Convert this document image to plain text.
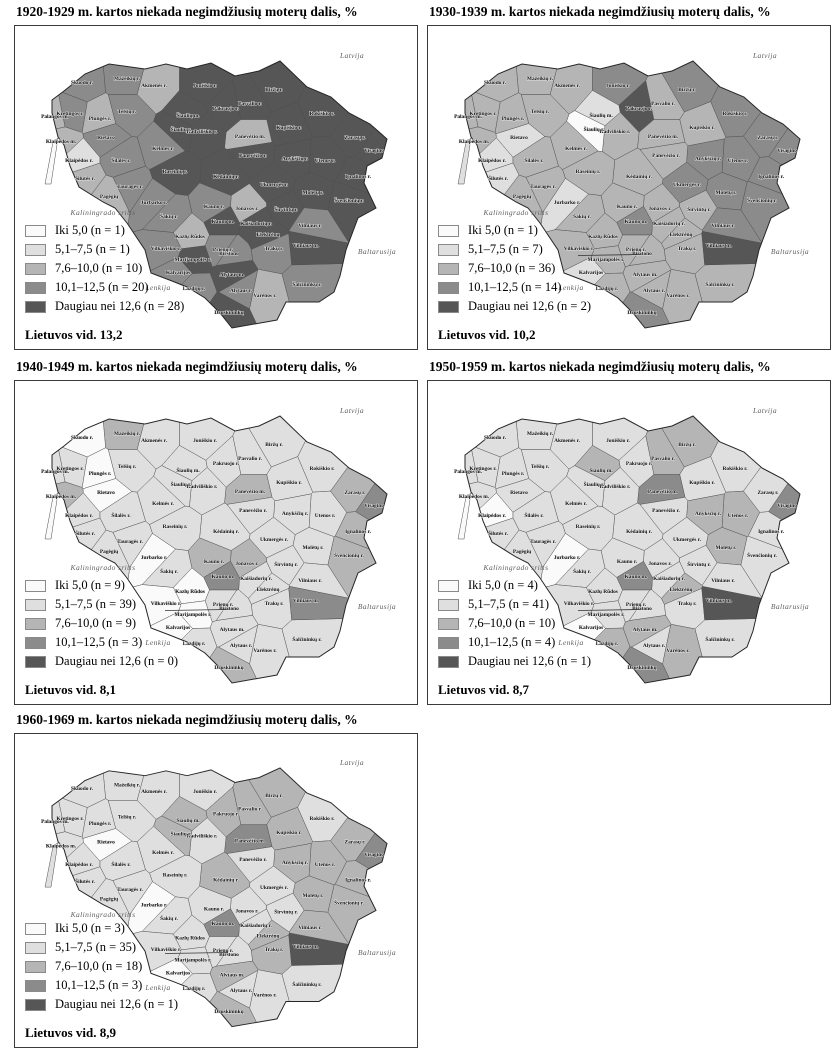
1920-1929 m. kartos niekada negimdžiusių moterų dalis, %
Latvija
Baltarusija
Lenkija
Kaliningrado sritis
Akmenės r.
Alytaus m.
Alytaus r.
Anykščių r.
Birštono
Biržų r.
Druskininkų
Elektrėnų
Ignalinos r.
Jonavos r.
Joniškio r.
Jurbarko r.
Kaišiadorių r.
Kalvarijos
Kauno m.
Kauno r.
Kazlų Rūdos
Kėdainių r.
Kelmės r.
Klaipėdos m.
Klaipėdos r.
Kretingos r.
Kupiškio r.
Lazdijų r.
Marijampolės r.
Mažeikių r.
Molėtų r.
Pagėgių
Pakruojo r.
Palangos m.
Panevėžio m.
Panevėžio r.
Pasvalio r.
Plungės r.
Prienų r.
Radviliškio r.
Raseinių r.
Rietavo
Rokiškio r.
Skuodo r.
Šakių r.
Šalčininkų r.
Šiaulių m.
Šiaulių r.
Šilalės r.
Šilutės r.
Širvintų r.
Švenčionių r.
Tauragės r.
Telšių r.
Trakų r.
Ukmergės r.
Utenos r.
Varėnos r.
Vilkaviškio r.	Vilniaus m.
Vilniaus r.
Visagino
Zarasų r.
Iki 5,0 (n = 1)
5,1–7,5 (n = 1)
7,6–10,0 (n = 10)
10,1–12,5 (n = 20)
Daugiau nei 12,6 (n = 28)
Lietuvos vid. 13,2
1930-1939 m. kartos niekada negimdžiusių moterų dalis, %
Latvija
Baltarusija
Lenkija
Kaliningrado sritis
Akmenės r.
Alytaus m.
Alytaus r.
Anykščių r.
Birštono
Biržų r.
Druskininkų
Elektrėnų
Ignalinos r.
Jonavos r.
Joniškio r.
Jurbarko r.
Kaišiadorių r.
Kalvarijos
Kauno m.
Kauno r.
Kazlų Rūdos
Kėdainių r.
Kelmės r.
Klaipėdos m.
Klaipėdos r.
Kretingos r.
Kupiškio r.
Lazdijų r.
Marijampolės r.
Mažeikių r.
Molėtų r.
Pagėgių
Pakruojo r.
Palangos m.
Panevėžio m.
Panevėžio r.
Pasvalio r.
Plungės r.
Prienų r.
Radviliškio r.
Raseinių r.
Rietavo
Rokiškio r.
Skuodo r.
Šakių r.
Šalčininkų r.
Šiaulių m.
Šiaulių r.
Šilalės r.
Šilutės r.
Širvintų r.
Švenčionių r.
Tauragės r.
Telšių r.
Trakų r.
Ukmergės r.
Utenos r.
Varėnos r.
Vilkaviškio r.	Vilniaus m.
Vilniaus r.
Visagino
Zarasų r.
Iki 5,0 (n = 1)
5,1–7,5 (n = 7)
7,6–10,0 (n = 36)
10,1–12,5 (n = 14)
Daugiau nei 12,6 (n = 2)
Lietuvos vid. 10,2
1940-1949 m. kartos niekada negimdžiusių moterų dalis, %
Latvija
Baltarusija
Lenkija
Kaliningrado sritis
Akmenės r.
Alytaus m.
Alytaus r.
Anykščių r.
Birštono
Biržų r.
Druskininkų
Elektrėnų
Ignalinos r.
Jonavos r.
Joniškio r.
Jurbarko r.
Kaišiadorių r.
Kalvarijos
Kauno m.
Kauno r.
Kazlų Rūdos
Kėdainių r.
Kelmės r.
Klaipėdos m.
Klaipėdos r.
Kretingos r.
Kupiškio r.
Lazdijų r.
Marijampolės r.
Mažeikių r.
Molėtų r.
Pagėgių
Pakruojo r.
Palangos m.
Panevėžio m.
Panevėžio r.
Pasvalio r.
Plungės r.
Prienų r.
Radviliškio r.
Raseinių r.
Rietavo
Rokiškio r.
Skuodo r.
Šakių r.
Šalčininkų r.
Šiaulių m.
Šiaulių r.
Šilalės r.
Šilutės r.
Širvintų r.
Švenčionių r.
Tauragės r.
Telšių r.
Trakų r.
Ukmergės r.
Utenos r.
Varėnos r.
Vilkaviškio r.	Vilniaus m.
Vilniaus r.
Visagino
Zarasų r.
Iki 5,0 (n = 9)
5,1–7,5 (n = 39)
7,6–10,0 (n = 9)
10,1–12,5 (n = 3)
Daugiau nei 12,6 (n = 0)
Lietuvos vid. 8,1
1950-1959 m. kartos niekada negimdžiusių moterų dalis, %
Latvija
Baltarusija
Lenkija
Kaliningrado sritis
Akmenės r.
Alytaus m.
Alytaus r.
Anykščių r.
Birštono
Biržų r.
Druskininkų
Elektrėnų
Ignalinos r.
Jonavos r.
Joniškio r.
Jurbarko r.
Kaišiadorių r.
Kalvarijos
Kauno m.
Kauno r.
Kazlų Rūdos
Kėdainių r.
Kelmės r.
Klaipėdos m.
Klaipėdos r.
Kretingos r.
Kupiškio r.
Lazdijų r.
Marijampolės r.
Mažeikių r.
Molėtų r.
Pagėgių
Pakruojo r.
Palangos m.
Panevėžio m.
Panevėžio r.
Pasvalio r.
Plungės r.
Prienų r.
Radviliškio r.
Raseinių r.
Rietavo
Rokiškio r.
Skuodo r.
Šakių r.
Šalčininkų r.
Šiaulių m.
Šiaulių r.
Šilalės r.
Šilutės r.
Širvintų r.
Švenčionių r.
Tauragės r.
Telšių r.
Trakų r.
Ukmergės r.
Utenos r.
Varėnos r.
Vilkaviškio r.	Vilniaus m.
Vilniaus r.
Visagino
Zarasų r.
Iki 5,0 (n = 4)
5,1–7,5 (n = 41)
7,6–10,0 (n = 10)
10,1–12,5 (n = 4)
Daugiau nei 12,6 (n = 1)
Lietuvos vid. 8,7
1960-1969 m. kartos niekada negimdžiusių moterų dalis, %
Latvija
Baltarusija
Lenkija
Kaliningrado sritis
Akmenės r.
Alytaus m.
Alytaus r.
Anykščių r.
Birštono
Biržų r.
Druskininkų
Elektrėnų
Ignalinos r.
Jonavos r.
Joniškio r.
Jurbarko r.
Kaišiadorių r.
Kalvarijos
Kauno m.
Kauno r.
Kazlų Rūdos
Kėdainių r.
Kelmės r.
Klaipėdos m.
Klaipėdos r.
Kretingos r.
Kupiškio r.
Lazdijų r.
Marijampolės r.
Mažeikių r.
Molėtų r.
Pagėgių
Pakruojo r.
Palangos m.
Panevėžio m.
Panevėžio r.
Pasvalio r.
Plungės r.
Prienų r.
Radviliškio r.
Raseinių r.
Rietavo
Rokiškio r.
Skuodo r.
Šakių r.
Šalčininkų r.
Šiaulių m.
Šiaulių r.
Šilalės r.
Šilutės r.
Širvintų r.
Švenčionių r.
Tauragės r.
Telšių r.
Trakų r.
Ukmergės r.
Utenos r.
Varėnos r.
Vilkaviškio r.	Vilniaus m.
Vilniaus r.
Visagino
Zarasų r.
Iki 5,0 (n = 3)
5,1–7,5 (n = 35)
7,6–10,0 (n = 18)
10,1–12,5 (n = 3)
Daugiau nei 12,6 (n = 1)
Lietuvos vid. 8,9
